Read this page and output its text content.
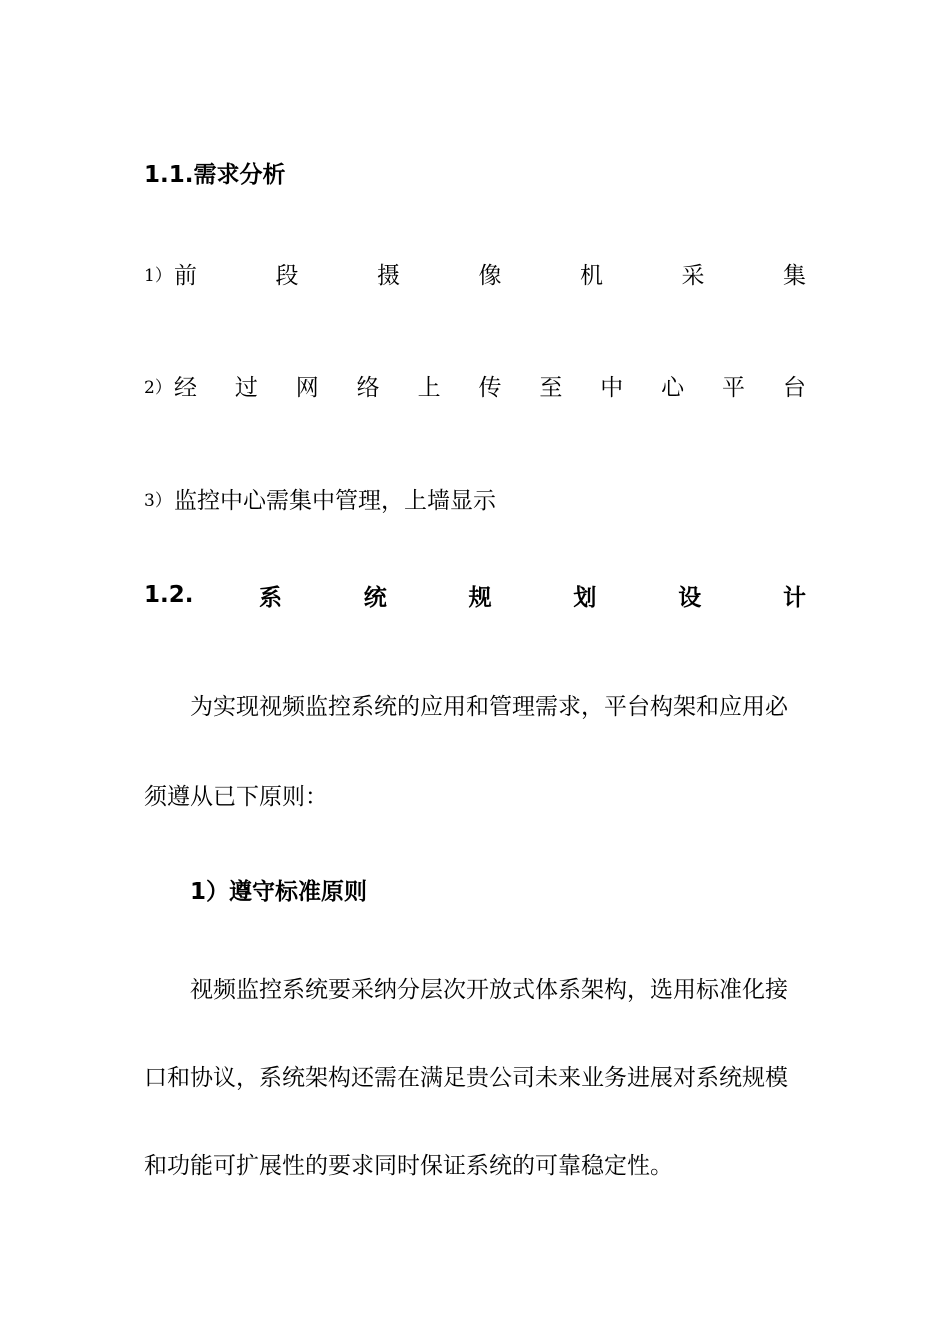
1.1.需求分析
1） 前	段	摄	像	机	采	集
2） 经 过 网 络 上 传 至 中 心 平 台
3） 监控中心需集中管理，上墙显示
1.2.	系	统	规	划	设	计
为实现视频监控系统的应用和管理需求，平台构架和应用必
须遵从已下原则：
1）遵守标准原则
视频监控系统要采纳分层次开放式体系架构，选用标准化接
口和协议，系统架构还需在满足贵公司未来业务进展对系统规模
和功能可扩展性的要求同时保证系统的可靠稳定性。
